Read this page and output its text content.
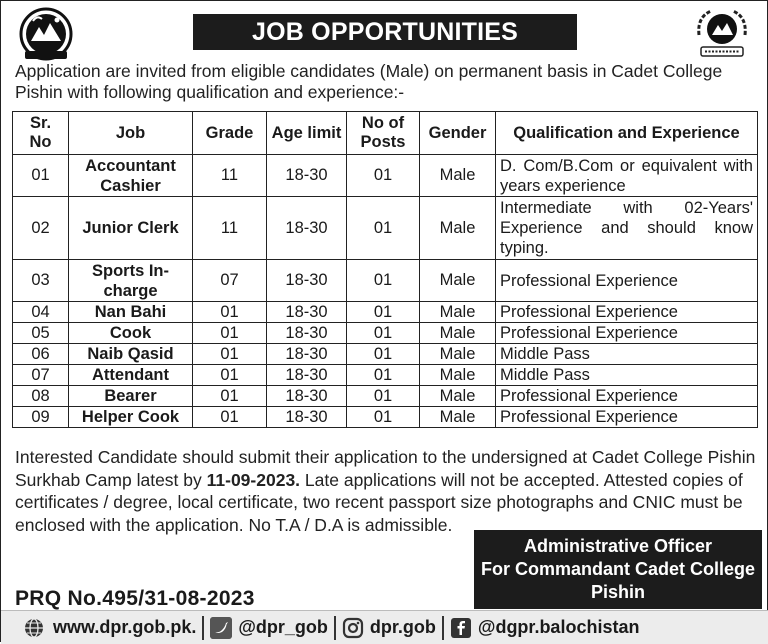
JOB OPPORTUNITIES
Application are invited from eligible candidates (Male) on permanent basis in Cadet College Pishin with following qualification and experience:-
Sr. No	Job	Grade	Age limit	No of Posts	Gender	Qualification and Experience
01	Accountant Cashier	11	18-30	01	Male	D. Com/B.Com or equivalent with years experience
02	Junior Clerk	11	18-30	01	Male	Intermediate with 02-Years' Experience and should know typing.
03	Sports In-charge	07	18-30	01	Male	Professional Experience
04	Nan Bahi	01	18-30	01	Male	Professional Experience
05	Cook	01	18-30	01	Male	Professional Experience
06	Naib Qasid	01	18-30	01	Male	Middle Pass
07	Attendant	01	18-30	01	Male	Middle Pass
08	Bearer	01	18-30	01	Male	Professional Experience
09	Helper Cook	01	18-30	01	Male	Professional Experience
Interested Candidate should submit their application to the undersigned at Cadet College Pishin Surkhab Camp latest by 11-09-2023. Late applications will not be accepted. Attested copies of certificates / degree, local certificate, two recent passport size photographs and CNIC must be enclosed with the application. No T.A / D.A is admissible.
Administrative Officer
For Commandant Cadet College
Pishin
PRQ No.495/31-08-2023
www.dpr.gob.pk. @dpr_gob dpr.gob @dgpr.balochistan
